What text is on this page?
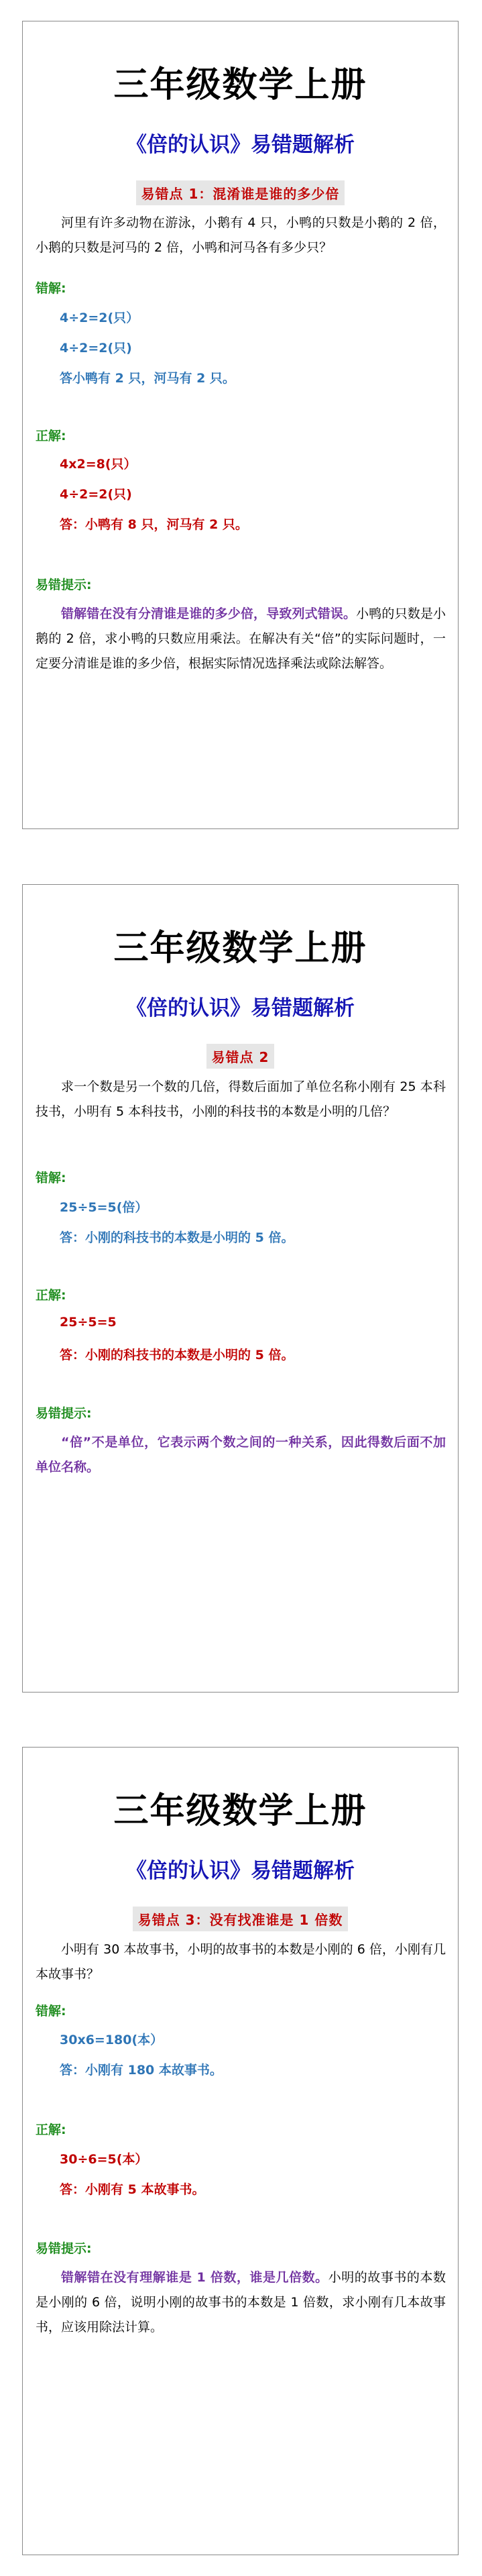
三年级数学上册
《倍的认识》易错题解析
易错点 1：混淆谁是谁的多少倍
河里有许多动物在游泳，小鹅有 4 只，小鸭的只数是小鹅的 2 倍，小鹅的只数是河马的 2 倍，小鸭和河马各有多少只？
错解:
4÷2=2(只）
4÷2=2(只)
答小鸭有 2 只，河马有 2 只。
正解:
4x2=8(只）
4÷2=2(只)
答：小鸭有 8 只，河马有 2 只。
易错提示:
错解错在没有分清谁是谁的多少倍，导致列式错误。小鸭的只数是小鹅的 2 倍，求小鸭的只数应用乘法。在解决有关“倍”的实际问题时，一定要分清谁是谁的多少倍，根据实际情况选择乘法或除法解答。
三年级数学上册
《倍的认识》易错题解析
易错点 2
求一个数是另一个数的几倍，得数后面加了单位名称小刚有 25 本科技书，小明有 5 本科技书，小刚的科技书的本数是小明的几倍？
错解:
25÷5=5(倍）
答：小刚的科技书的本数是小明的 5 倍。
正解:
25÷5=5
答：小刚的科技书的本数是小明的 5 倍。
易错提示:
“倍”不是单位，它表示两个数之间的一种关系，因此得数后面不加单位名称。
三年级数学上册
《倍的认识》易错题解析
易错点 3：没有找准谁是 1 倍数
小明有 30 本故事书，小明的故事书的本数是小刚的 6 倍，小刚有几本故事书？
错解:
30x6=180(本）
答：小刚有 180 本故事书。
正解:
30÷6=5(本）
答：小刚有 5 本故事书。
易错提示:
错解错在没有理解谁是 1 倍数，谁是几倍数。小明的故事书的本数是小刚的 6 倍，说明小刚的故事书的本数是 1 倍数，求小刚有几本故事书，应该用除法计算。
